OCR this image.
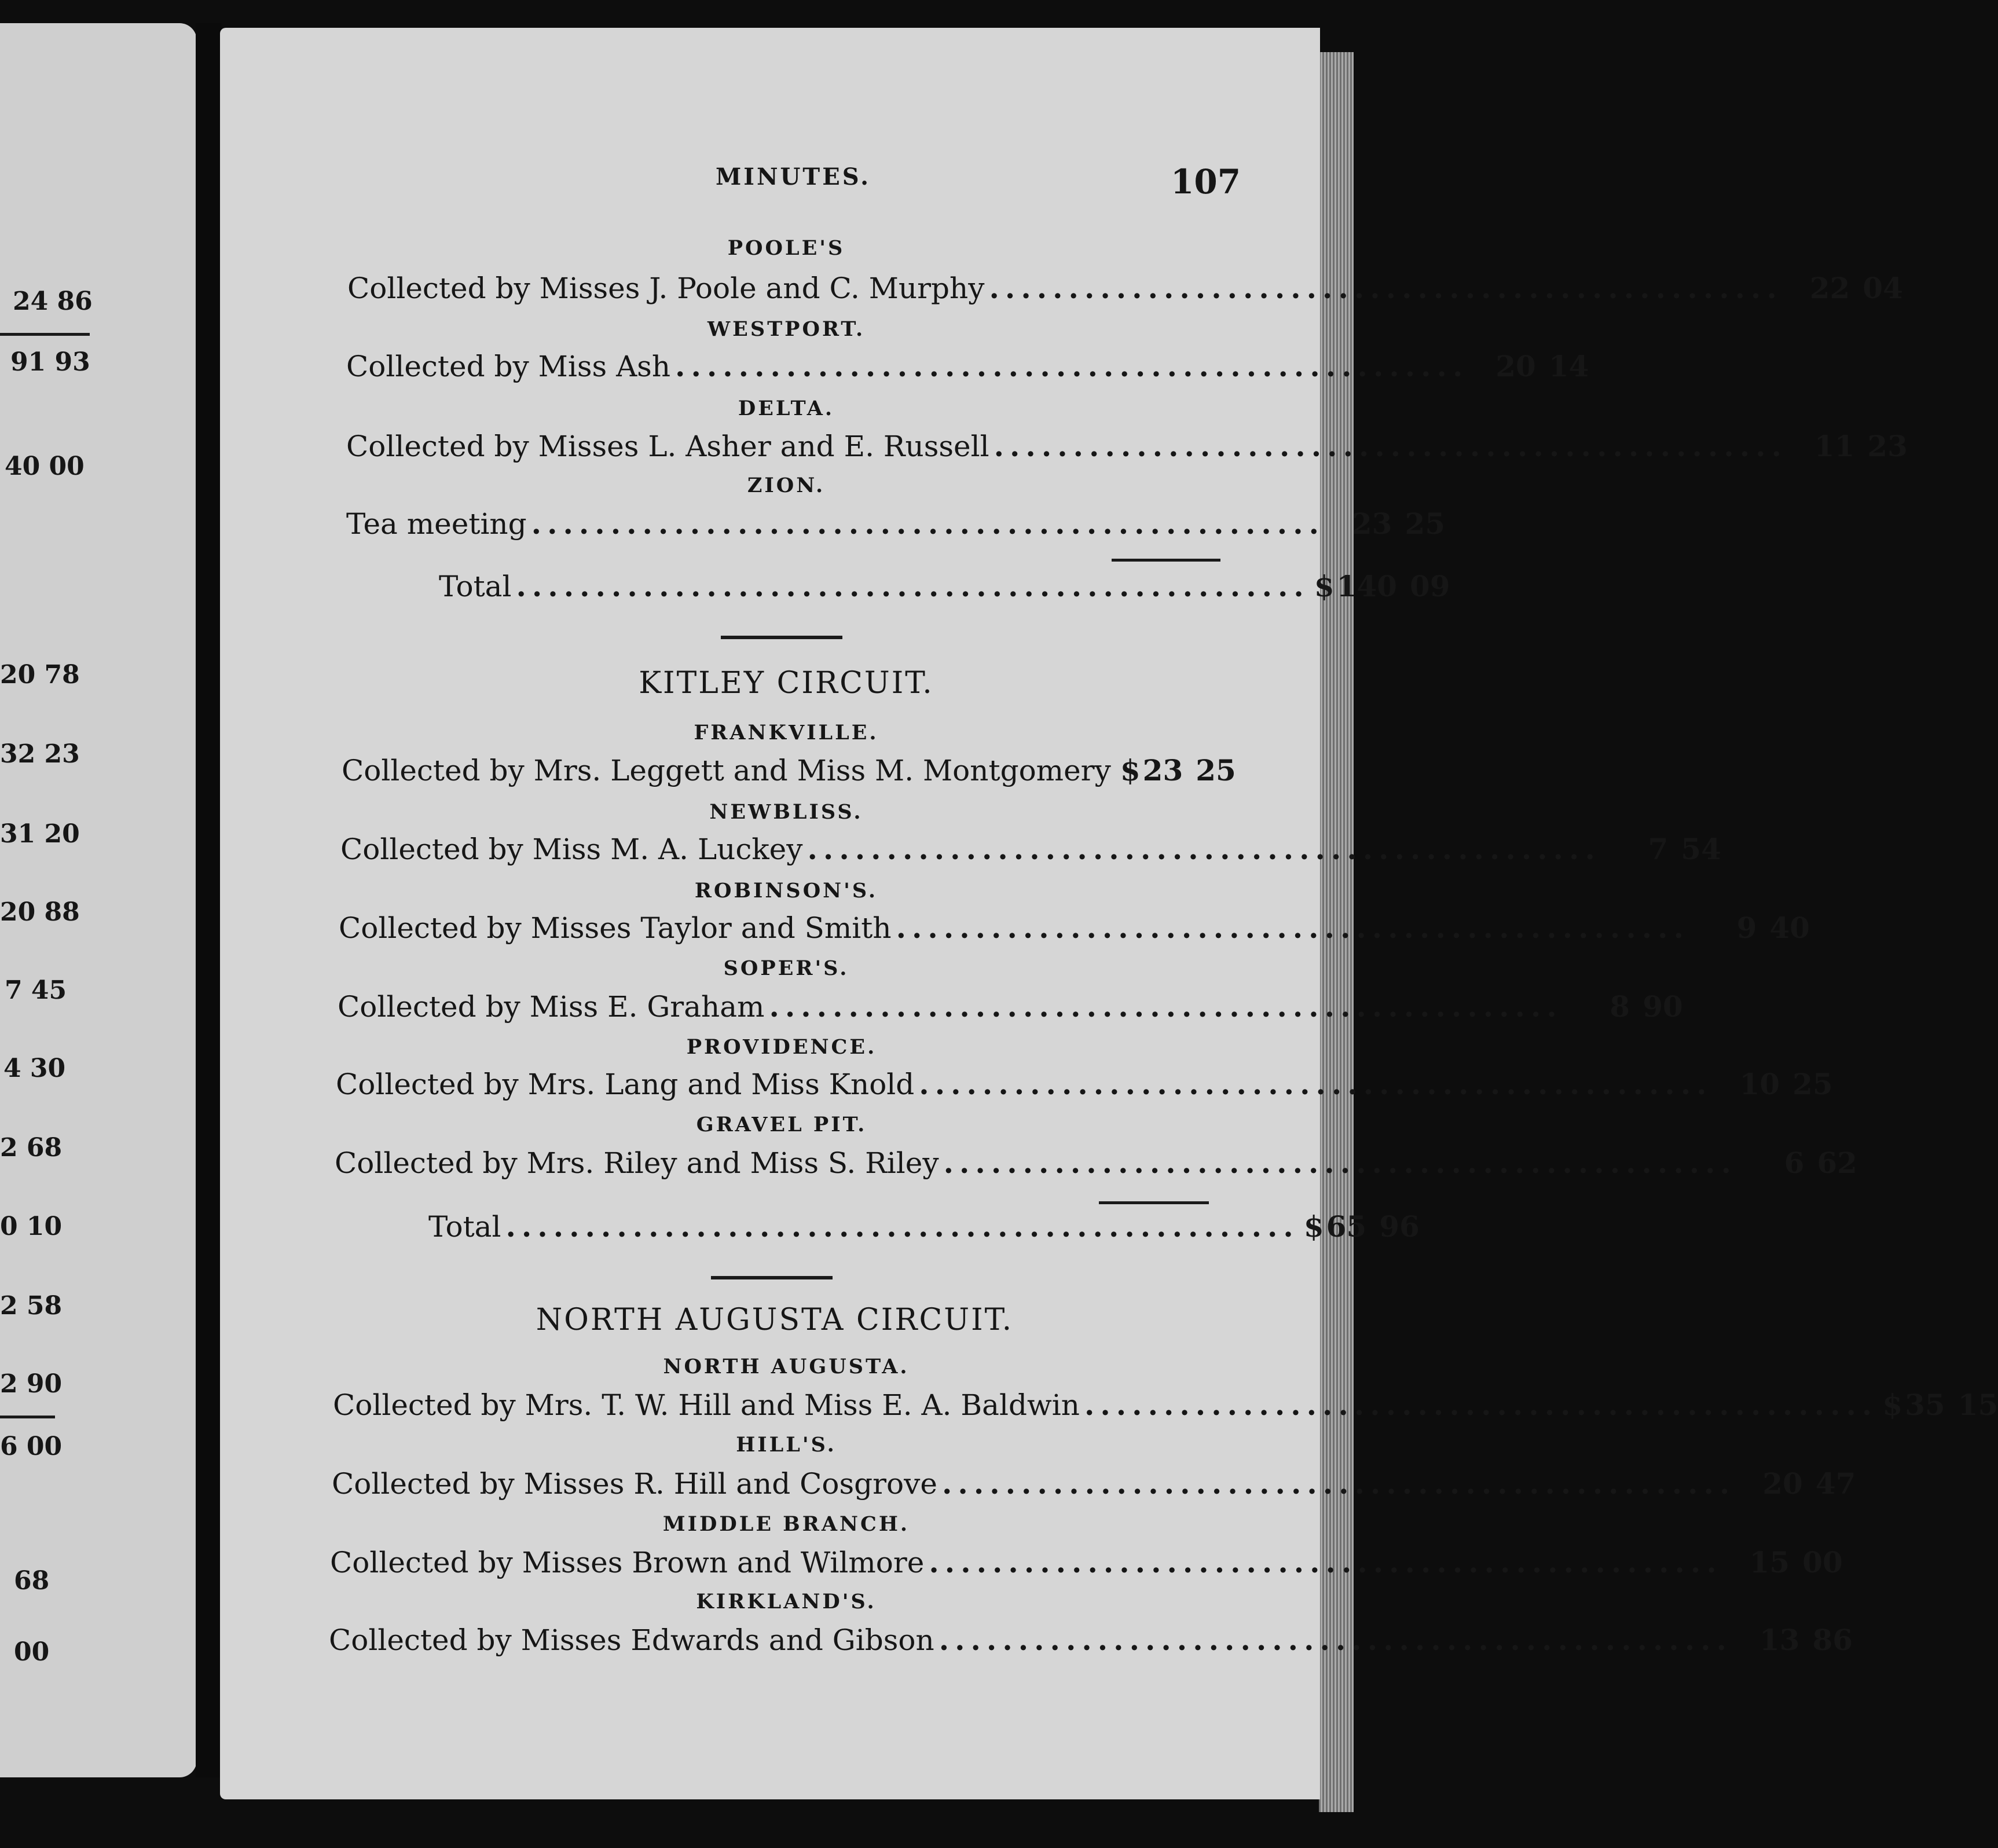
24 86
91 93
40 00
20 78
32 23
31 20
20 88
7 45
4 30
2 68
0 10
2 58
2 90
6 00
68
00
MINUTES.	107
POOLE'S
Collected by Misses J. Poole and C. Murphy .................................................. 22 04
WESTPORT.
Collected by Miss Ash .................................................. 20 14
DELTA.
Collected by Misses L. Asher and E. Russell .................................................. 11 23
ZION.
Tea meeting .................................................. 23 25
Total .................................................. $140 09
KITLEY CIRCUIT.
FRANKVILLE.
Collected by Mrs. Leggett and Miss M. Montgomery $23 25
NEWBLISS.
Collected by Miss M. A. Luckey ..................................................	7 54
ROBINSON'S.
Collected by Misses Taylor and Smith ..................................................	9 40
SOPER'S.
Collected by Miss E. Graham ..................................................	8 90
PROVIDENCE.
Collected by Mrs. Lang and Miss Knold .................................................. 10 25
GRAVEL PIT.
Collected by Mrs. Riley and Miss S. Riley ..................................................	6 62
Total .................................................. $65 96
NORTH AUGUSTA CIRCUIT.
NORTH AUGUSTA.
Collected by Mrs. T. W. Hill and Miss E. A. Baldwin .................................................. $35 15
HILL'S.
Collected by Misses R. Hill and Cosgrove .................................................. 20 47
MIDDLE BRANCH.
Collected by Misses Brown and Wilmore .................................................. 15 00
KIRKLAND'S.
Collected by Misses Edwards and Gibson .................................................. 13 86
